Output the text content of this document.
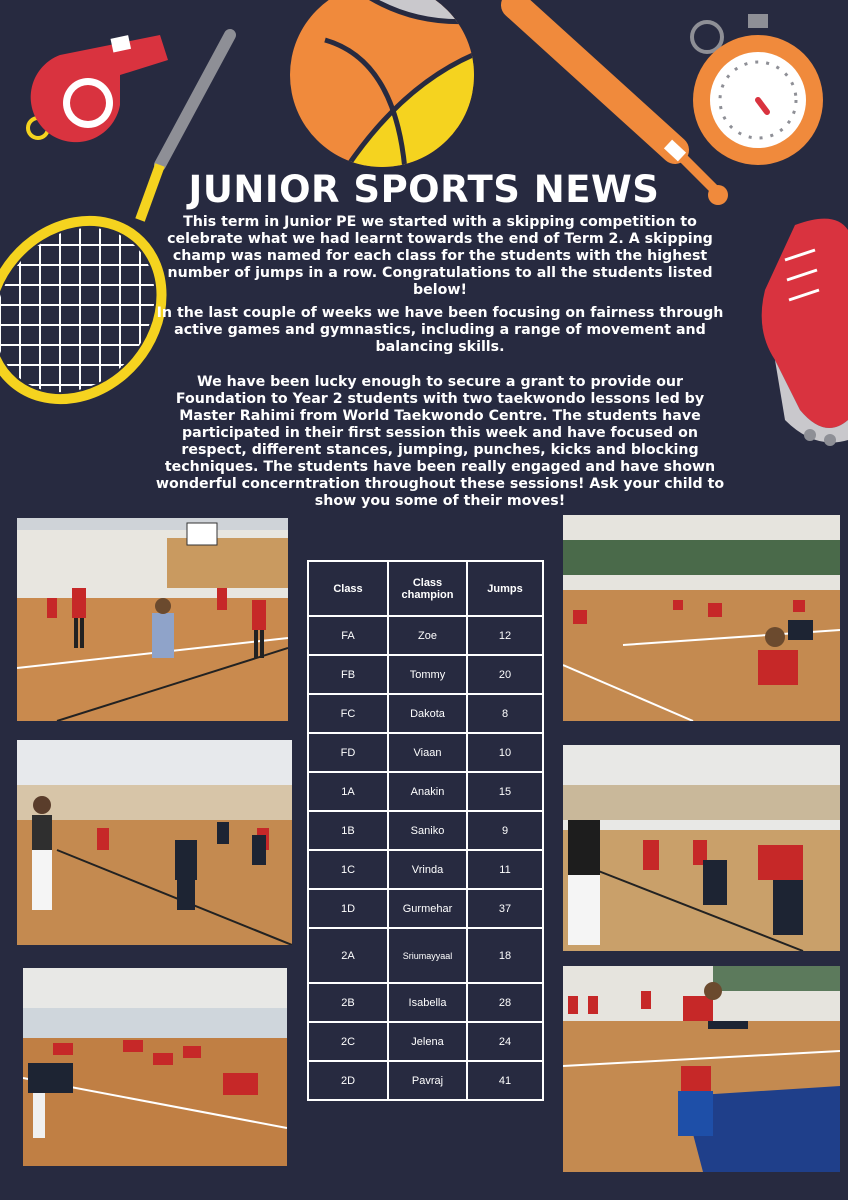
JUNIOR SPORTS NEWS

This term in Junior PE we started with a skipping competition to celebrate what we had learnt towards the end of Term 2. A skipping champ was named for each class for the students with the highest number of jumps in a row. Congratulations to all the students listed below!

In the last couple of weeks we have been focusing on fairness through active games and gymnastics, including a range of movement and balancing skills.

We have been lucky enough to secure a grant to provide our Foundation to Year 2 students with two taekwondo lessons led by Master Rahimi from World Taekwondo Centre. The students have participated in their first session this week and have focused on respect, different stances, jumping, punches, kicks and blocking techniques. The students have been really engaged and have shown wonderful concerntration throughout these sessions! Ask your child to show you some of their moves!

Class	Class champion	Jumps
FA	Zoe	12
FB	Tommy	20
FC	Dakota	8
FD	Viaan	10
1A	Anakin	15
1B	Saniko	9
1C	Vrinda	11
1D	Gurmehar	37
2A	Sriumayyaal	18
2B	Isabella	28
2C	Jelena	24
2D	Pavraj	41
